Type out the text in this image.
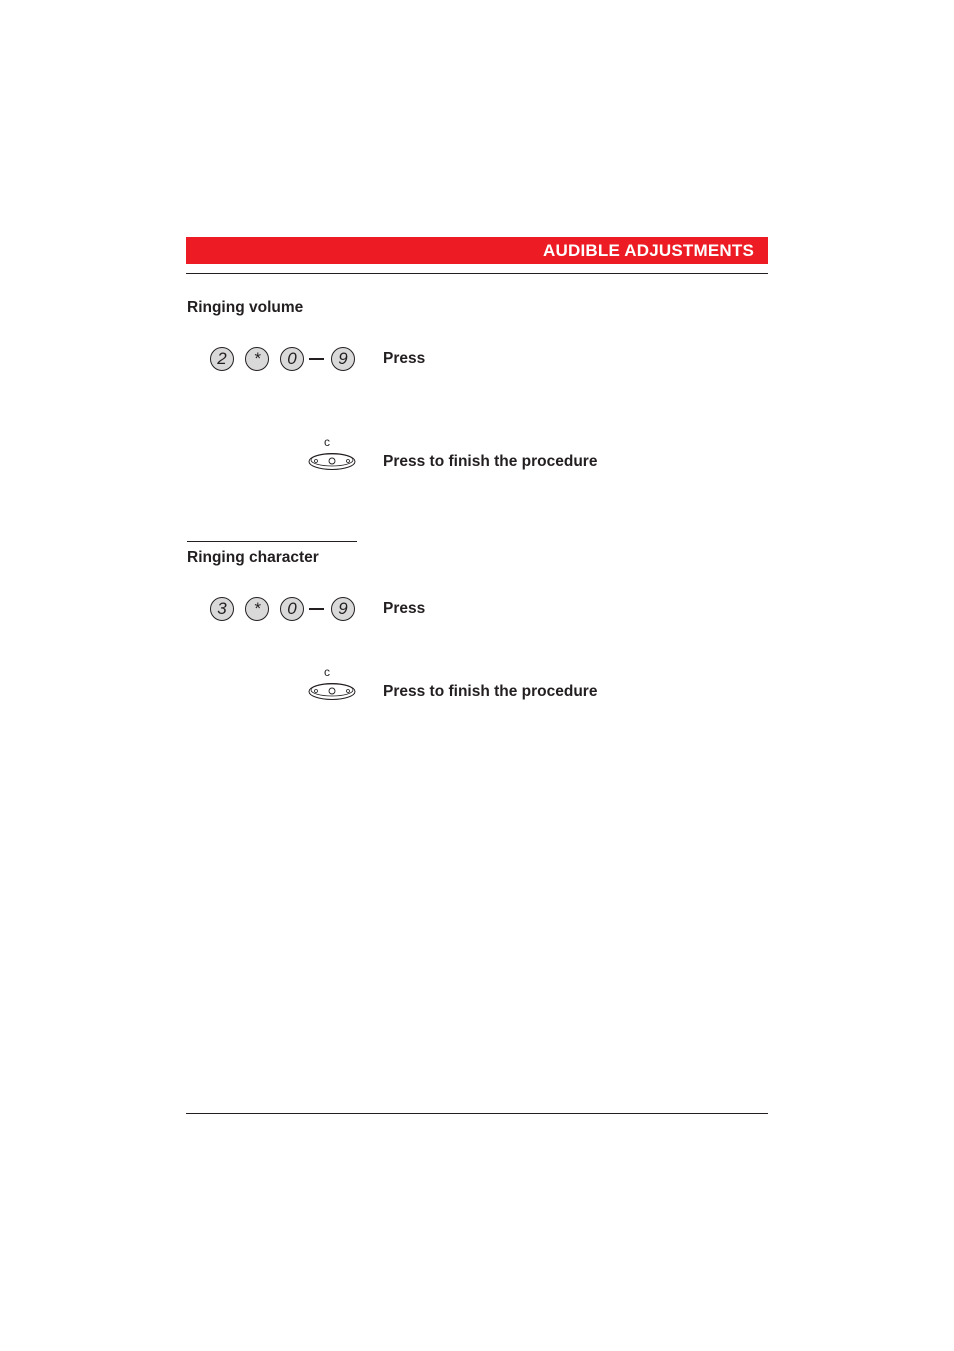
AUDIBLE ADJUSTMENTS
Ringing volume
2	*	0	9	Press
c
Press to finish the procedure
Ringing character
3	*	0	9	Press
c
Press to finish the procedure
